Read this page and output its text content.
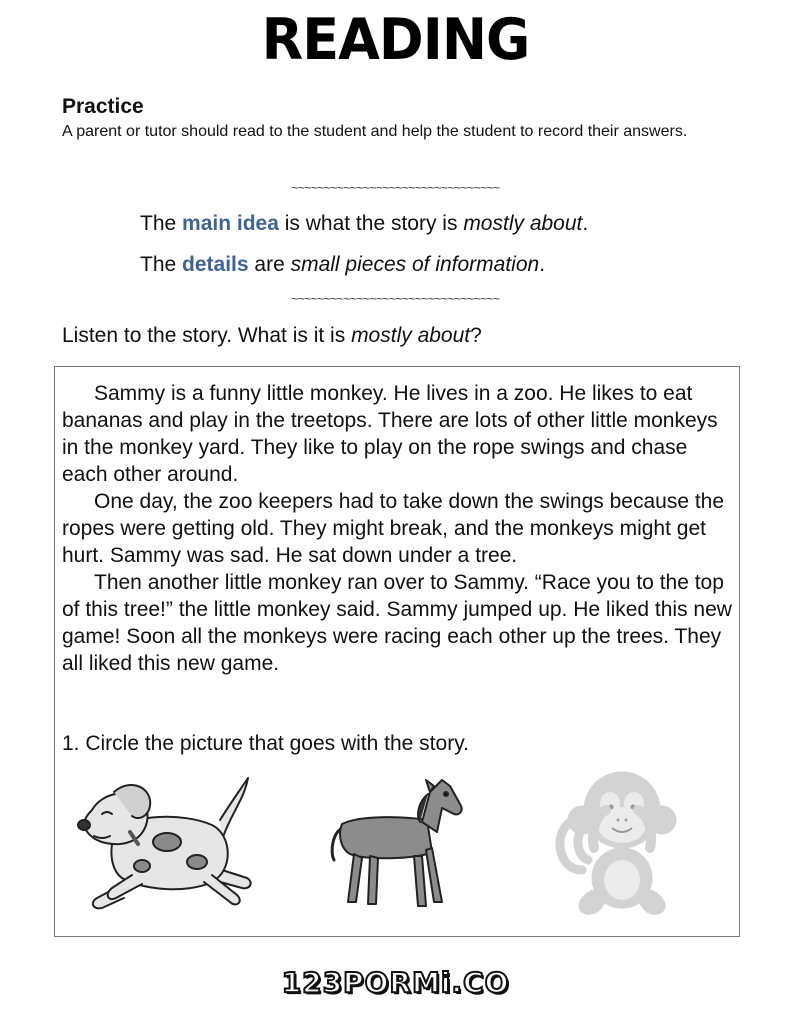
READING
Practice
A parent or tutor should read to the student and help the student to record their answers.
~~~~~~~~~~~~~~~~~~~~~~~~~~~~~~~~
The main idea is what the story is mostly about.
The details are small pieces of information.
~~~~~~~~~~~~~~~~~~~~~~~~~~~~~~~~
Listen to the story. What is it is mostly about?

Sammy is a funny little monkey. He lives in a zoo. He likes to eat bananas and play in the treetops. There are lots of other little monkeys in the monkey yard. They like to play on the rope swings and chase each other around.

One day, the zoo keepers had to take down the swings because the ropes were getting old. They might break, and the monkeys might get hurt. Sammy was sad. He sat down under a tree.

Then another little monkey ran over to Sammy. “Race you to the top of this tree!” the little monkey said. Sammy jumped up. He liked this new game! Soon all the monkeys were racing each other up the trees. They all liked this new game.

1. Circle the picture that goes with the story.
123PORMi.CO
